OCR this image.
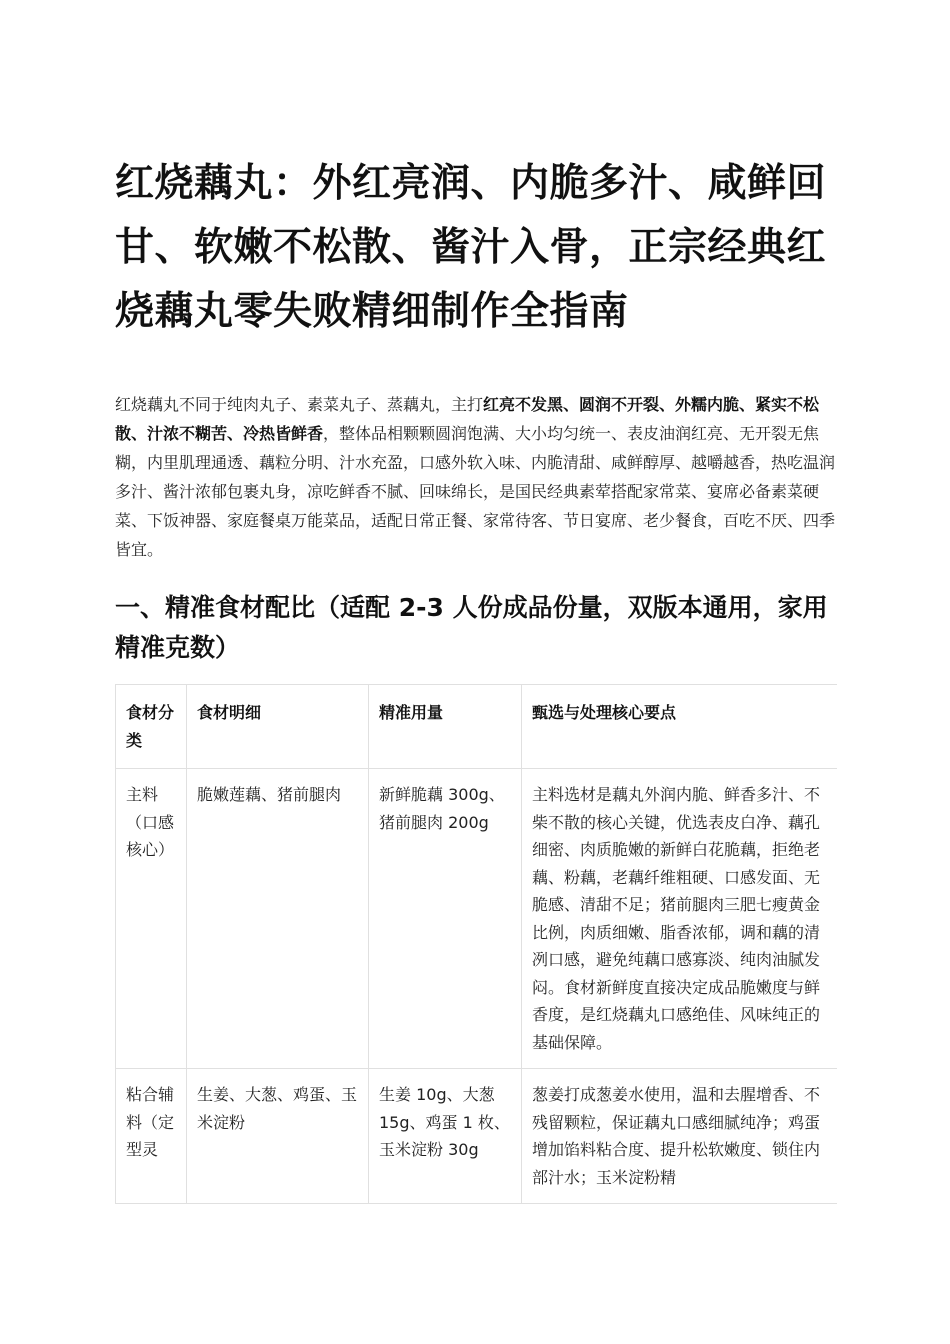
红烧藕丸：外红亮润、内脆多汁、咸鲜回甘、软嫩不松散、酱汁入骨，正宗经典红烧藕丸零失败精细制作全指南

红烧藕丸不同于纯肉丸子、素菜丸子、蒸藕丸，主打红亮不发黑、圆润不开裂、外糯内脆、紧实不松散、汁浓不糊苦、冷热皆鲜香，整体品相颗颗圆润饱满、大小均匀统一、表皮油润红亮、无开裂无焦糊，内里肌理通透、藕粒分明、汁水充盈，口感外软入味、内脆清甜、咸鲜醇厚、越嚼越香，热吃温润多汁、酱汁浓郁包裹丸身，凉吃鲜香不腻、回味绵长，是国民经典素荤搭配家常菜、宴席必备素菜硬菜、下饭神器、家庭餐桌万能菜品，适配日常正餐、家常待客、节日宴席、老少餐食，百吃不厌、四季皆宜。

一、精准食材配比（适配 2-3 人份成品份量，双版本通用，家用精准克数）
食材分类	食材明细	精准用量	甄选与处理核心要点
主料（口感核心）	脆嫩莲藕、猪前腿肉	新鲜脆藕 300g、猪前腿肉 200g	主料选材是藕丸外润内脆、鲜香多汁、不柴不散的核心关键，优选表皮白净、藕孔细密、肉质脆嫩的新鲜白花脆藕，拒绝老藕、粉藕，老藕纤维粗硬、口感发面、无脆感、清甜不足；猪前腿肉三肥七瘦黄金比例，肉质细嫩、脂香浓郁，调和藕的清冽口感，避免纯藕口感寡淡、纯肉油腻发闷。食材新鲜度直接决定成品脆嫩度与鲜香度，是红烧藕丸口感绝佳、风味纯正的基础保障。
粘合辅料（定型灵	生姜、大葱、鸡蛋、玉米淀粉	生姜 10g、大葱 15g、鸡蛋 1 枚、玉米淀粉 30g	葱姜打成葱姜水使用，温和去腥增香、不残留颗粒，保证藕丸口感细腻纯净；鸡蛋增加馅料粘合度、提升松软嫩度、锁住内部汁水；玉米淀粉精
